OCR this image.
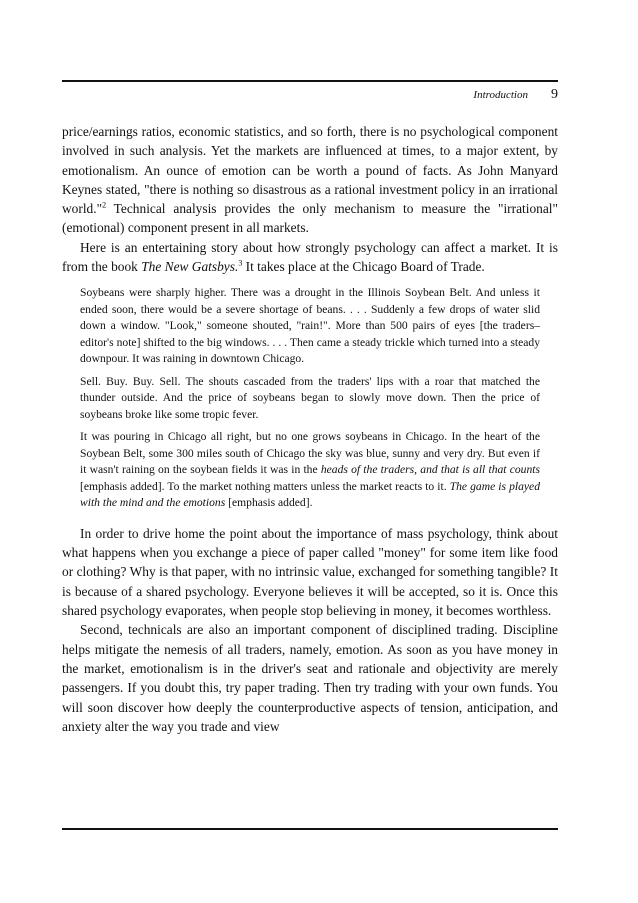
Introduction 9

price/earnings ratios, economic statistics, and so forth, there is no psychological component involved in such analysis. Yet the markets are influenced at times, to a major extent, by emotionalism. An ounce of emotion can be worth a pound of facts. As John Manyard Keynes stated, "there is nothing so disastrous as a rational investment policy in an irrational world."$^2$ Technical analysis provides the only mechanism to measure the "irrational" (emotional) component present in all markets.

Here is an entertaining story about how strongly psychology can affect a market. It is from the book The New Gatsbys.$^3$ It takes place at the Chicago Board of Trade.

Soybeans were sharply higher. There was a drought in the Illinois Soybean Belt. And unless it ended soon, there would be a severe shortage of beans. . . . Suddenly a few drops of water slid down a window. "Look," someone shouted, "rain!". More than 500 pairs of eyes [the traders–editor's note] shifted to the big windows. . . . Then came a steady trickle which turned into a steady downpour. It was raining in downtown Chicago.

Sell. Buy. Buy. Sell. The shouts cascaded from the traders' lips with a roar that matched the thunder outside. And the price of soybeans began to slowly move down. Then the price of soybeans broke like some tropic fever.

It was pouring in Chicago all right, but no one grows soybeans in Chicago. In the heart of the Soybean Belt, some 300 miles south of Chicago the sky was blue, sunny and very dry. But even if it wasn't raining on the soybean fields it was in the heads of the traders, and that is all that counts [emphasis added]. To the market nothing matters unless the market reacts to it. The game is played with the mind and the emotions [emphasis added].

In order to drive home the point about the importance of mass psychology, think about what happens when you exchange a piece of paper called "money" for some item like food or clothing? Why is that paper, with no intrinsic value, exchanged for something tangible? It is because of a shared psychology. Everyone believes it will be accepted, so it is. Once this shared psychology evaporates, when people stop believing in money, it becomes worthless.

Second, technicals are also an important component of disciplined trading. Discipline helps mitigate the nemesis of all traders, namely, emotion. As soon as you have money in the market, emotionalism is in the driver's seat and rationale and objectivity are merely passengers. If you doubt this, try paper trading. Then try trading with your own funds. You will soon discover how deeply the counterproductive aspects of tension, anticipation, and anxiety alter the way you trade and view
